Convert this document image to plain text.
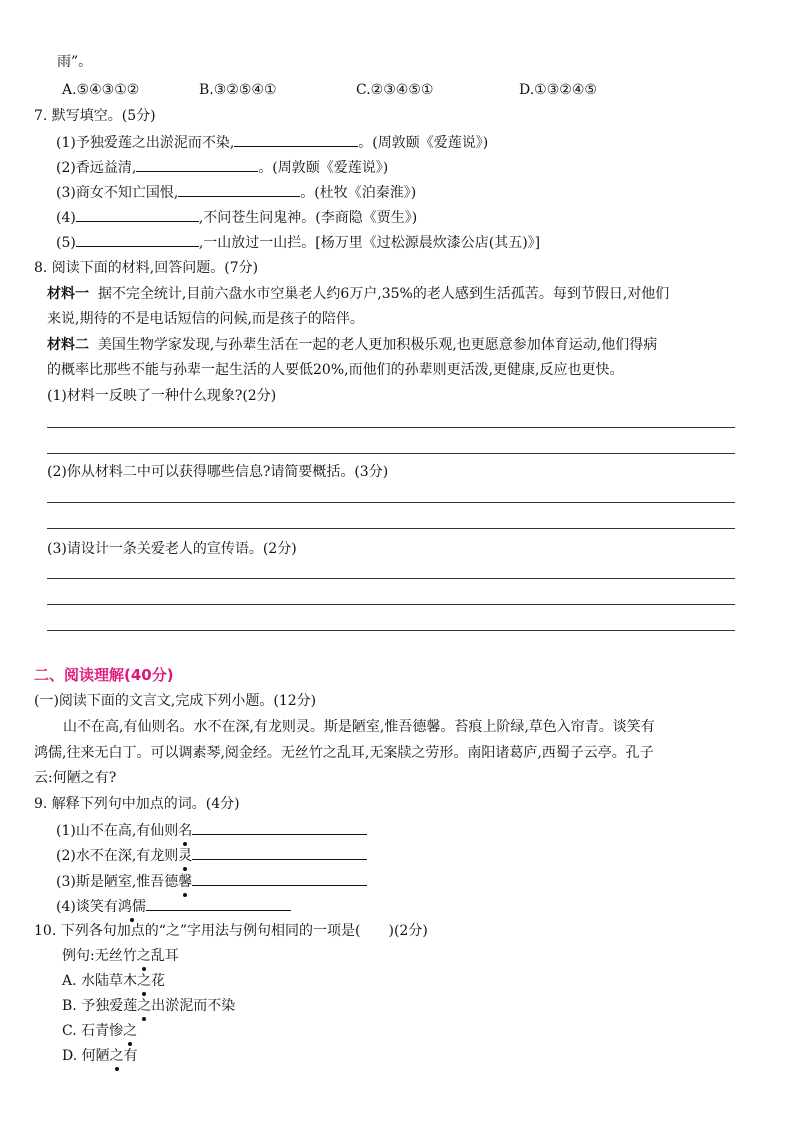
雨”。
A.⑤④③①②	B.③②⑤④①	C.②③④⑤①	D.①③②④⑤
7. 默写填空。(5分)
(1)予独爱莲之出淤泥而不染,	。(周敦颐《爱莲说》)
(2)香远益清,	。(周敦颐《爱莲说》)
(3)商女不知亡国恨,	。(杜牧《泊秦淮》)
(4)	,不问苍生问鬼神。(李商隐《贾生》)
(5)	,一山放过一山拦。[杨万里《过松源晨炊漆公店(其五)》]
8. 阅读下面的材料,回答问题。(7分)
材料一 据不完全统计,目前六盘水市空巢老人约6万户,35%的老人感到生活孤苦。每到节假日,对他们
来说,期待的不是电话短信的问候,而是孩子的陪伴。
材料二 美国生物学家发现,与孙辈生活在一起的老人更加积极乐观,也更愿意参加体育运动,他们得病
的概率比那些不能与孙辈一起生活的人要低20%,而他们的孙辈则更活泼,更健康,反应也更快。
(1)材料一反映了一种什么现象?(2分)
(2)你从材料二中可以获得哪些信息?请简要概括。(3分)
(3)请设计一条关爱老人的宣传语。(2分)
二、阅读理解(40分)
(一)阅读下面的文言文,完成下列小题。(12分)
山不在高,有仙则名。水不在深,有龙则灵。斯是陋室,惟吾德馨。苔痕上阶绿,草色入帘青。谈笑有
鸿儒,往来无白丁。可以调素琴,阅金经。无丝竹之乱耳,无案牍之劳形。南阳诸葛庐,西蜀子云亭。孔子
云:何陋之有?
9. 解释下列句中加点的词。(4分)
(1)山不在高,有仙则名
(2)水不在深,有龙则灵
(3)斯是陋室,惟吾德馨
(4)谈笑有鸿儒
10. 下列各句加点的“之”字用法与例句相同的一项是(　　)(2分)
例句:无丝竹之乱耳
A. 水陆草木之花
B. 予独爱莲之出淤泥而不染
C. 石青惨之
D. 何陋之有
